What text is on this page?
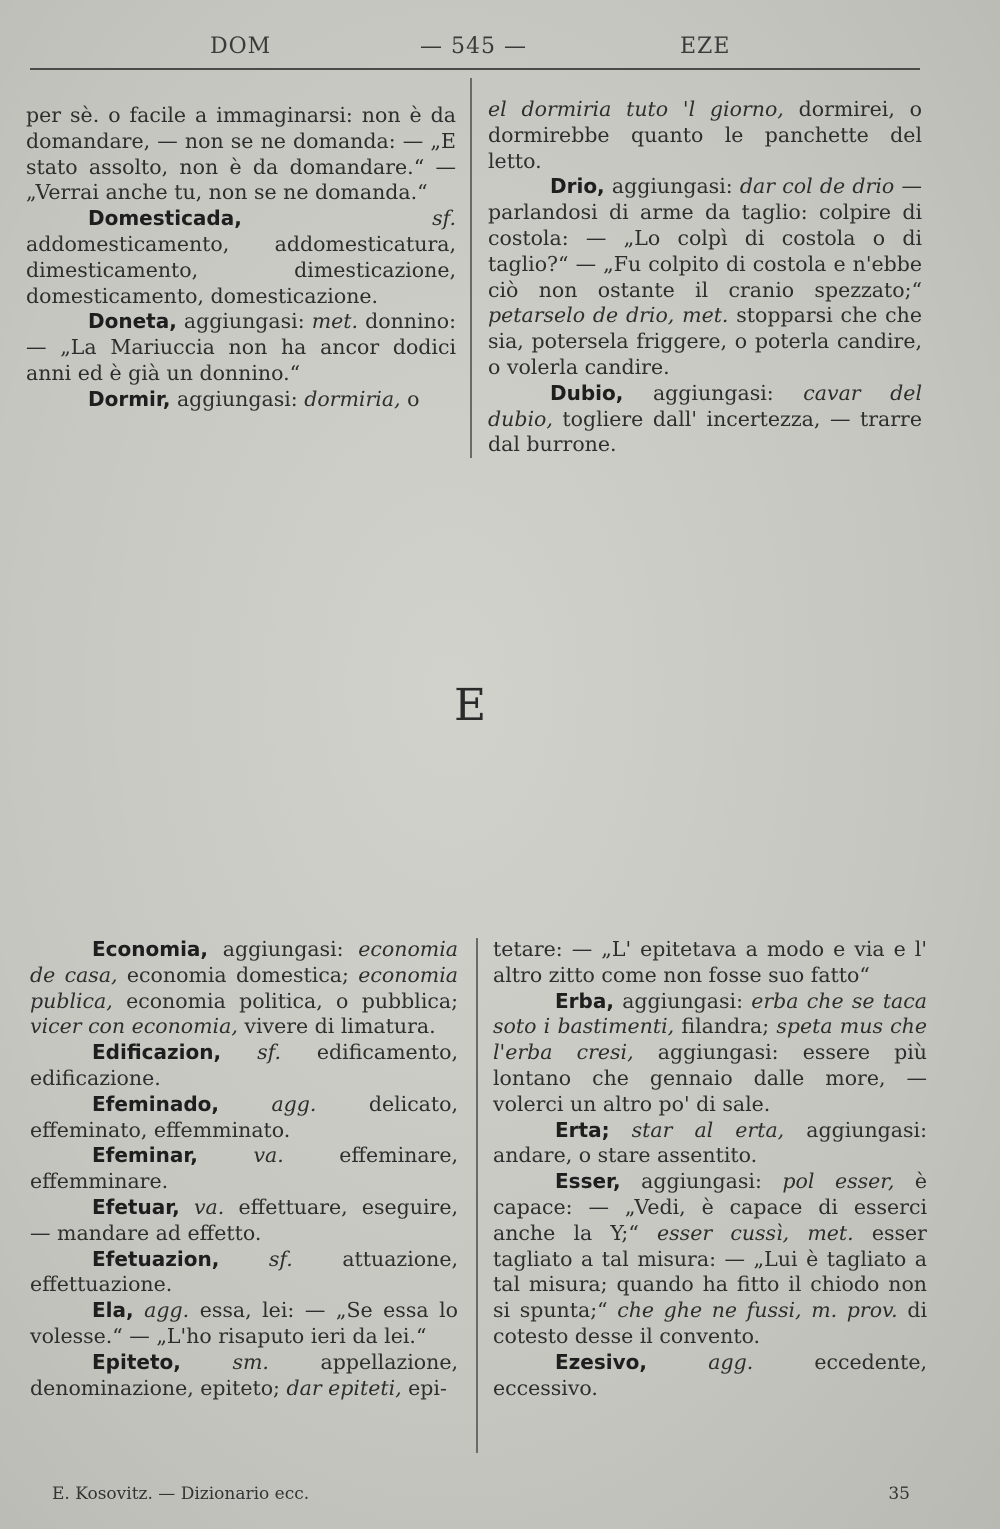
DOM	— 545 —	EZE

per sè. o facile a immaginarsi: non è da domandare, — non se ne domanda: — „E stato assolto, non è da domandare.“ — „Verrai anche tu, non se ne domanda.“

Domesticada,	sf. addomesticamento, addomesticatura, dimesticamento, dimesticazione, domesticamento, domesticazione.

Doneta, aggiungasi: met. donnino: — „La Mariuccia non ha ancor dodici anni ed è già un donnino.“

Dormir, aggiungasi: dormiria, o

el dormiria tuto 'l giorno, dormirei, o dormirebbe quanto le panchette del letto.

Drio, aggiungasi: dar col de drio — parlandosi di arme da taglio: colpire di costola: — „Lo colpì di costola o di taglio?“ — „Fu colpito di costola e n'ebbe ciò non ostante il cranio spezzato;“ petarselo de drio, met. stopparsi che che sia, potersela friggere, o poterla candire, o volerla candire.

Dubio, aggiungasi: cavar del dubio, togliere dall' incertezza, — trarre dal burrone.

E

Economia, aggiungasi: economia de casa, economia domestica; economia publica, economia politica, o pubblica; vicer con economia, vivere di limatura.

Edificazion, sf. edificamento, edificazione.

Efeminado,	agg. delicato, effeminato, effemminato.

Efeminar,	va. effeminare, effemminare.

Efetuar, va. effettuare, eseguire, — mandare ad effetto.

Efetuazion, sf. attuazione, effettuazione.

Ela, agg. essa, lei: — „Se essa lo volesse.“ — „L'ho risaputo ieri da lei.“

Epiteto,	sm. appellazione, denominazione, epiteto; dar epiteti, epi-

tetare: — „L' epitetava a modo e via e l' altro zitto come non fosse suo fatto“

Erba, aggiungasi: erba che se taca soto i bastimenti, filandra; speta mus che l'erba cresi, aggiungasi: essere più lontano che gennaio dalle more, — volerci un altro po' di sale.

Erta; star al erta, aggiungasi: andare, o stare assentito.

Esser, aggiungasi: pol esser, è capace: — „Vedi, è capace di esserci anche la Y;“ esser cussì, met. esser tagliato a tal misura: — „Lui è tagliato a tal misura; quando ha fitto il chiodo non si spunta;“ che ghe ne fussi, m. prov. di cotesto desse il convento.

Ezesivo,	agg. eccedente, eccessivo.

E. Kosovitz. — Dizionario ecc.	35
